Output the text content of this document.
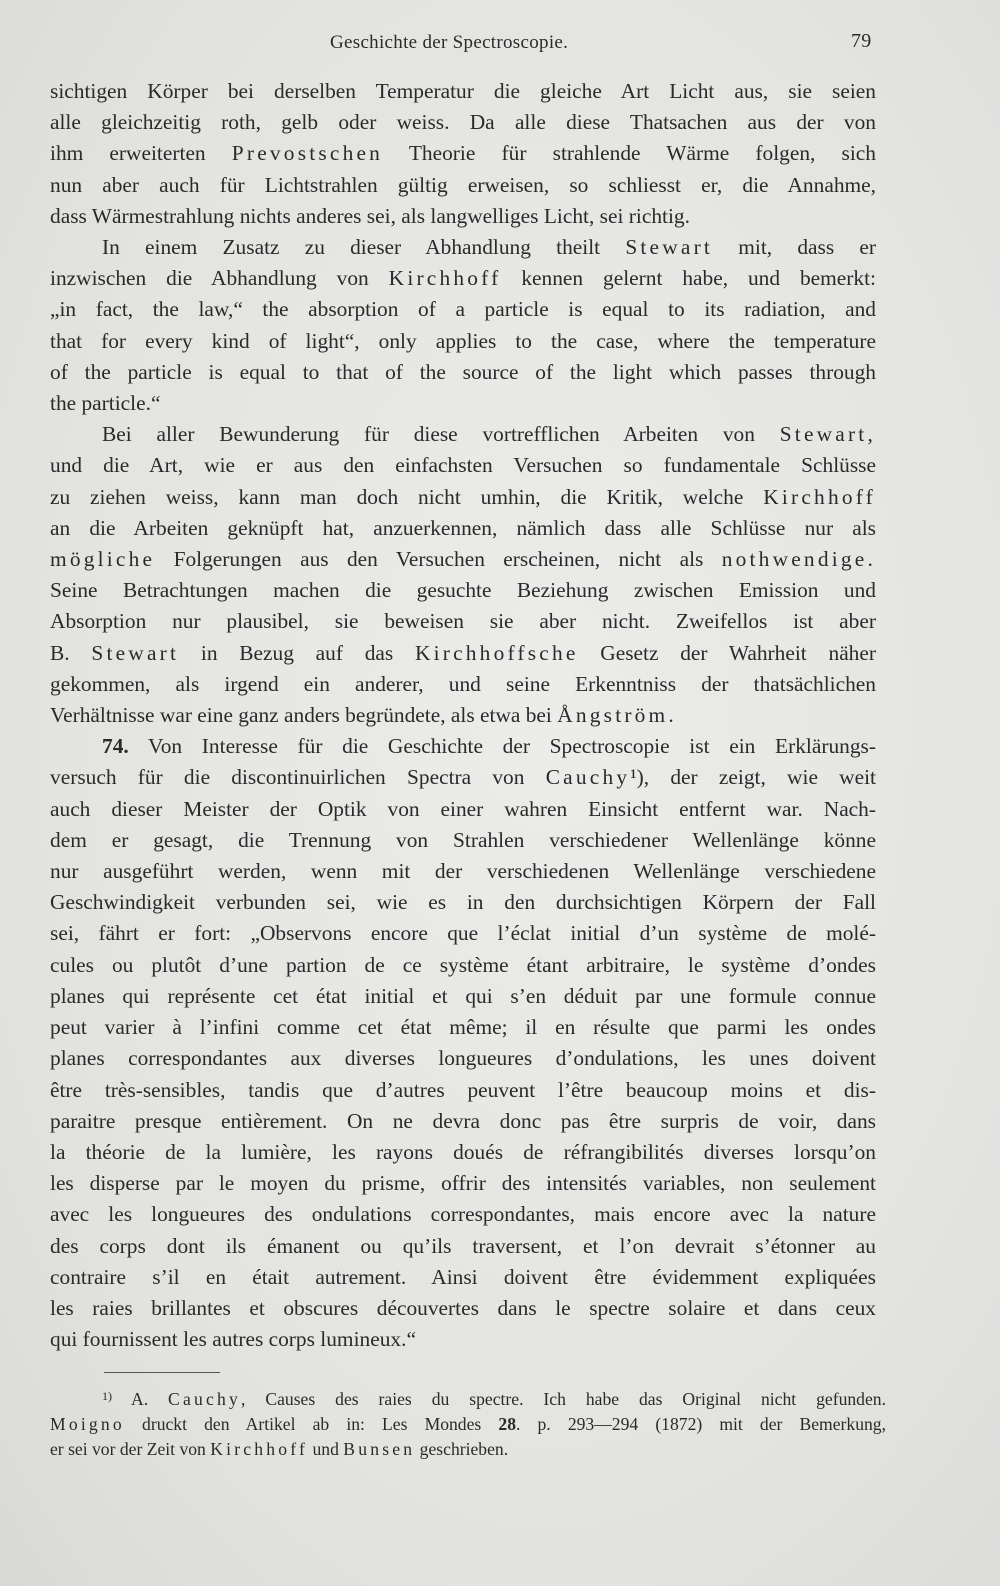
Geschichte der Spectroscopie.	79
sichtigen Körper bei derselben Temperatur die gleiche Art Licht aus, sie seien
alle gleichzeitig roth, gelb oder weiss. Da alle diese Thatsachen aus der von
ihm erweiterten Prevostschen Theorie für strahlende Wärme folgen, sich
nun aber auch für Lichtstrahlen gültig erweisen, so schliesst er, die Annahme,
dass Wärmestrahlung nichts anderes sei, als langwelliges Licht, sei richtig.
In einem Zusatz zu dieser Abhandlung theilt Stewart mit, dass er
inzwischen die Abhandlung von Kirchhoff kennen gelernt habe, und bemerkt:
„in fact, the law,“ the absorption of a particle is equal to its radiation, and
that for every kind of light“, only applies to the case, where the temperature
of the particle is equal to that of the source of the light which passes through
the particle.“
Bei aller Bewunderung für diese vortrefflichen Arbeiten von Stewart,
und die Art, wie er aus den einfachsten Versuchen so fundamentale Schlüsse
zu ziehen weiss, kann man doch nicht umhin, die Kritik, welche Kirchhoff
an die Arbeiten geknüpft hat, anzuerkennen, nämlich dass alle Schlüsse nur als
mögliche Folgerungen aus den Versuchen erscheinen, nicht als nothwendige.
Seine Betrachtungen machen die gesuchte Beziehung zwischen Emission und
Absorption nur plausibel, sie beweisen sie aber nicht. Zweifellos ist aber
B. Stewart in Bezug auf das Kirchhoffsche Gesetz der Wahrheit näher
gekommen, als irgend ein anderer, und seine Erkenntniss der thatsächlichen
Verhältnisse war eine ganz anders begründete, als etwa bei Ångström.
74. Von Interesse für die Geschichte der Spectroscopie ist ein Erklärungs-
versuch für die discontinuirlichen Spectra von Cauchy¹), der zeigt, wie weit
auch dieser Meister der Optik von einer wahren Einsicht entfernt war. Nach-
dem er gesagt, die Trennung von Strahlen verschiedener Wellenlänge könne
nur ausgeführt werden, wenn mit der verschiedenen Wellenlänge verschiedene
Geschwindigkeit verbunden sei, wie es in den durchsichtigen Körpern der Fall
sei, fährt er fort: „Observons encore que l’éclat initial d’un système de molé-
cules ou plutôt d’une partion de ce système étant arbitraire, le système d’ondes
planes qui représente cet état initial et qui s’en déduit par une formule connue
peut varier à l’infini comme cet état même; il en résulte que parmi les ondes
planes correspondantes aux diverses longueures d’ondulations, les unes doivent
être très-sensibles, tandis que d’autres peuvent l’être beaucoup moins et dis-
paraitre presque entièrement. On ne devra donc pas être surpris de voir, dans
la théorie de la lumière, les rayons doués de réfrangibilités diverses lorsqu’on
les disperse par le moyen du prisme, offrir des intensités variables, non seulement
avec les longueures des ondulations correspondantes, mais encore avec la nature
des corps dont ils émanent ou qu’ils traversent, et l’on devrait s’étonner au
contraire s’il en était autrement. Ainsi doivent être évidemment expliquées
les raies brillantes et obscures découvertes dans le spectre solaire et dans ceux
qui fournissent les autres corps lumineux.“
$^{1)}$ A. Cauchy, Causes des raies du spectre. Ich habe das Original nicht gefunden.
Moigno druckt den Artikel ab in: Les Mondes 28. p. 293—294 (1872) mit der Bemerkung,
er sei vor der Zeit von Kirchhoff und Bunsen geschrieben.
